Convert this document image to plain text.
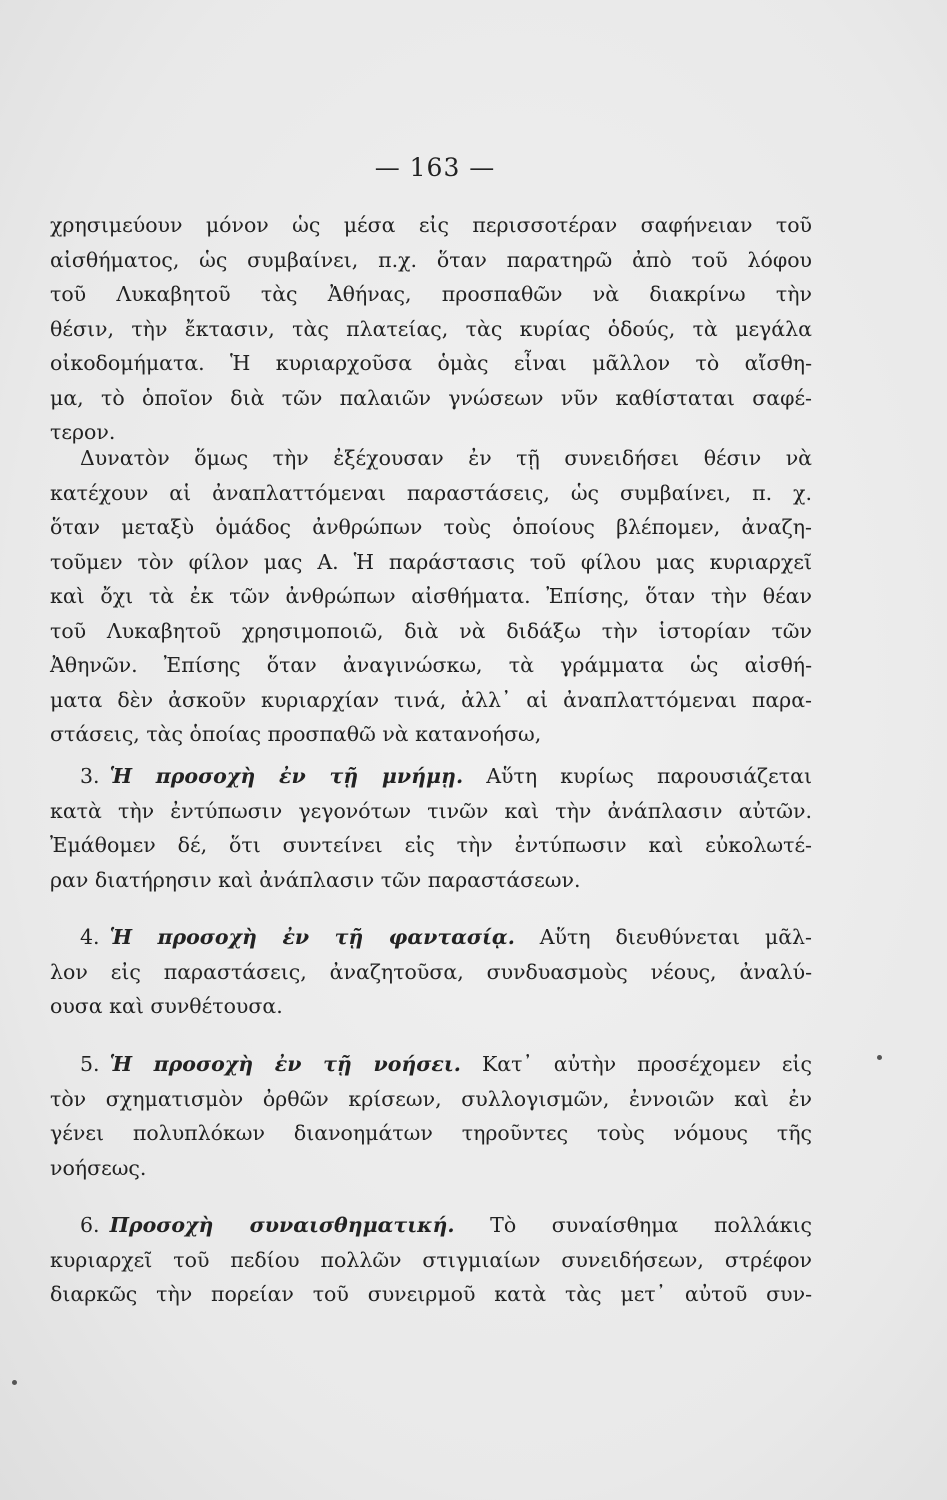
— 163 —
χρησιμεύουν μόνον ὡς μέσα εἰς περισσοτέραν σαφήνειαν τοῦ
αἰσθήματος, ὡς συμβαίνει, π.χ. ὅταν παρατηρῶ ἀπὸ τοῦ λόφου
τοῦ Λυκαβητοῦ τὰς Ἀθήνας, προσπαθῶν νὰ διακρίνω τὴν
θέσιν, τὴν ἔκτασιν, τὰς πλατείας, τὰς κυρίας ὁδούς, τὰ μεγάλα
οἰκοδομήματα. Ἡ κυριαρχοῦσα ὁμὰς εἶναι μᾶλλον τὸ αἴσθη-
μα, τὸ ὁποῖον διὰ τῶν παλαιῶν γνώσεων νῦν καθίσταται σαφέ-
τερον.
Δυνατὸν ὅμως τὴν ἐξέχουσαν ἐν τῇ συνειδήσει θέσιν νὰ
κατέχουν αἱ ἀναπλαττόμεναι παραστάσεις, ὡς συμβαίνει, π. χ.
ὅταν μεταξὺ ὁμάδος ἀνθρώπων τοὺς ὁποίους βλέπομεν, ἀναζη-
τοῦμεν τὸν φίλον μας Α. Ἡ παράστασις τοῦ φίλου μας κυριαρχεῖ
καὶ ὄχι τὰ ἐκ τῶν ἀνθρώπων αἰσθήματα. Ἐπίσης, ὅταν τὴν θέαν
τοῦ Λυκαβητοῦ χρησιμοποιῶ, διὰ νὰ διδάξω τὴν ἱστορίαν τῶν
Ἀθηνῶν. Ἐπίσης ὅταν ἀναγινώσκω, τὰ γράμματα ὡς αἰσθή-
ματα δὲν ἀσκοῦν κυριαρχίαν τινά, ἀλλ᾽ αἱ ἀναπλαττόμεναι παρα-
στάσεις, τὰς ὁποίας προσπαθῶ νὰ κατανοήσω,
3. Ἡ προσοχὴ ἐν τῇ μνήμῃ. Αὕτη κυρίως παρουσιάζεται
κατὰ τὴν ἐντύπωσιν γεγονότων τινῶν καὶ τὴν ἀνάπλασιν αὐτῶν.
Ἐμάθομεν δέ, ὅτι συντείνει εἰς τὴν ἐντύπωσιν καὶ εὐκολωτέ-
ραν διατήρησιν καὶ ἀνάπλασιν τῶν παραστάσεων.
4. Ἡ προσοχὴ ἐν τῇ φαντασίᾳ. Αὕτη διευθύνεται μᾶλ-
λον εἰς παραστάσεις, ἀναζητοῦσα, συνδυασμοὺς νέους, ἀναλύ-
ουσα καὶ συνθέτουσα.
5. Ἡ προσοχὴ ἐν τῇ νοήσει. Κατ᾽ αὐτὴν προσέχομεν εἰς
τὸν σχηματισμὸν ὀρθῶν κρίσεων, συλλογισμῶν, ἐννοιῶν καὶ ἐν
γένει πολυπλόκων διανοημάτων τηροῦντες τοὺς νόμους τῆς
νοήσεως.
6. Προσοχὴ συναισθηματική. Τὸ συναίσθημα πολλάκις
κυριαρχεῖ τοῦ πεδίου πολλῶν στιγμιαίων συνειδήσεων, στρέφον
διαρκῶς τὴν πορείαν τοῦ συνειρμοῦ κατὰ τὰς μετ᾽ αὐτοῦ συν-
